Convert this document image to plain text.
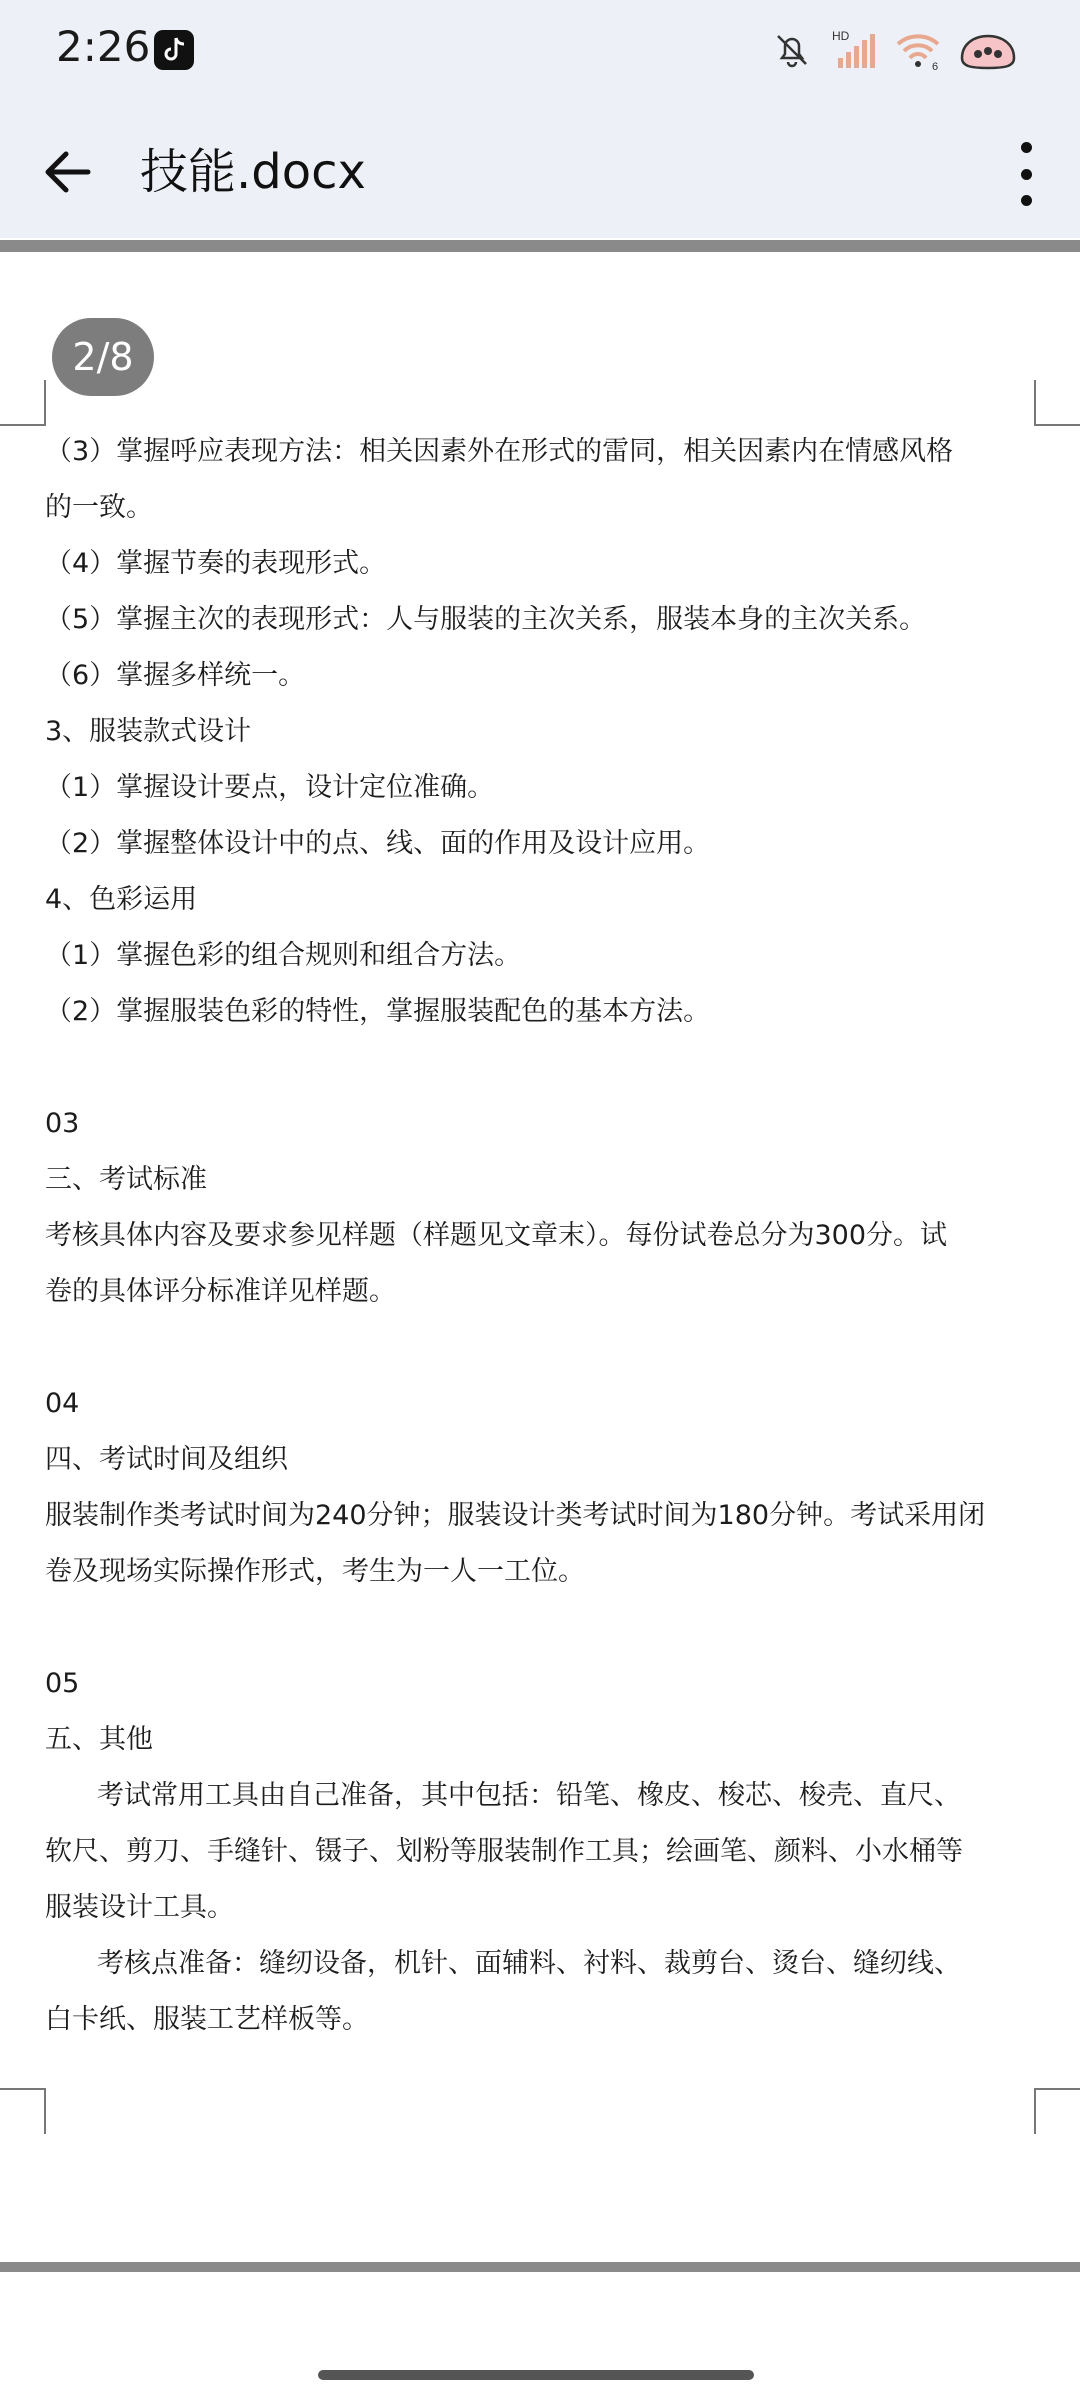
2:26	HD
6
技能.docx
2/8
（3）掌握呼应表现方法：相关因素外在形式的雷同，相关因素内在情感风格
的一致。
（4）掌握节奏的表现形式。
（5）掌握主次的表现形式：人与服装的主次关系，服装本身的主次关系。
（6）掌握多样统一。
3、服装款式设计
（1）掌握设计要点，设计定位准确。
（2）掌握整体设计中的点、线、面的作用及设计应用。
4、色彩运用
（1）掌握色彩的组合规则和组合方法。
（2）掌握服装色彩的特性，掌握服装配色的基本方法。
03
三、考试标准
考核具体内容及要求参见样题（样题见文章末）。每份试卷总分为300分。试
卷的具体评分标准详见样题。
04
四、考试时间及组织
服装制作类考试时间为240分钟；服装设计类考试时间为180分钟。考试采用闭
卷及现场实际操作形式，考生为一人一工位。
05
五、其他
考试常用工具由自己准备，其中包括：铅笔、橡皮、梭芯、梭壳、直尺、
软尺、剪刀、手缝针、镊子、划粉等服装制作工具；绘画笔、颜料、小水桶等
服装设计工具。
考核点准备：缝纫设备，机针、面辅料、衬料、裁剪台、烫台、缝纫线、
白卡纸、服装工艺样板等。
